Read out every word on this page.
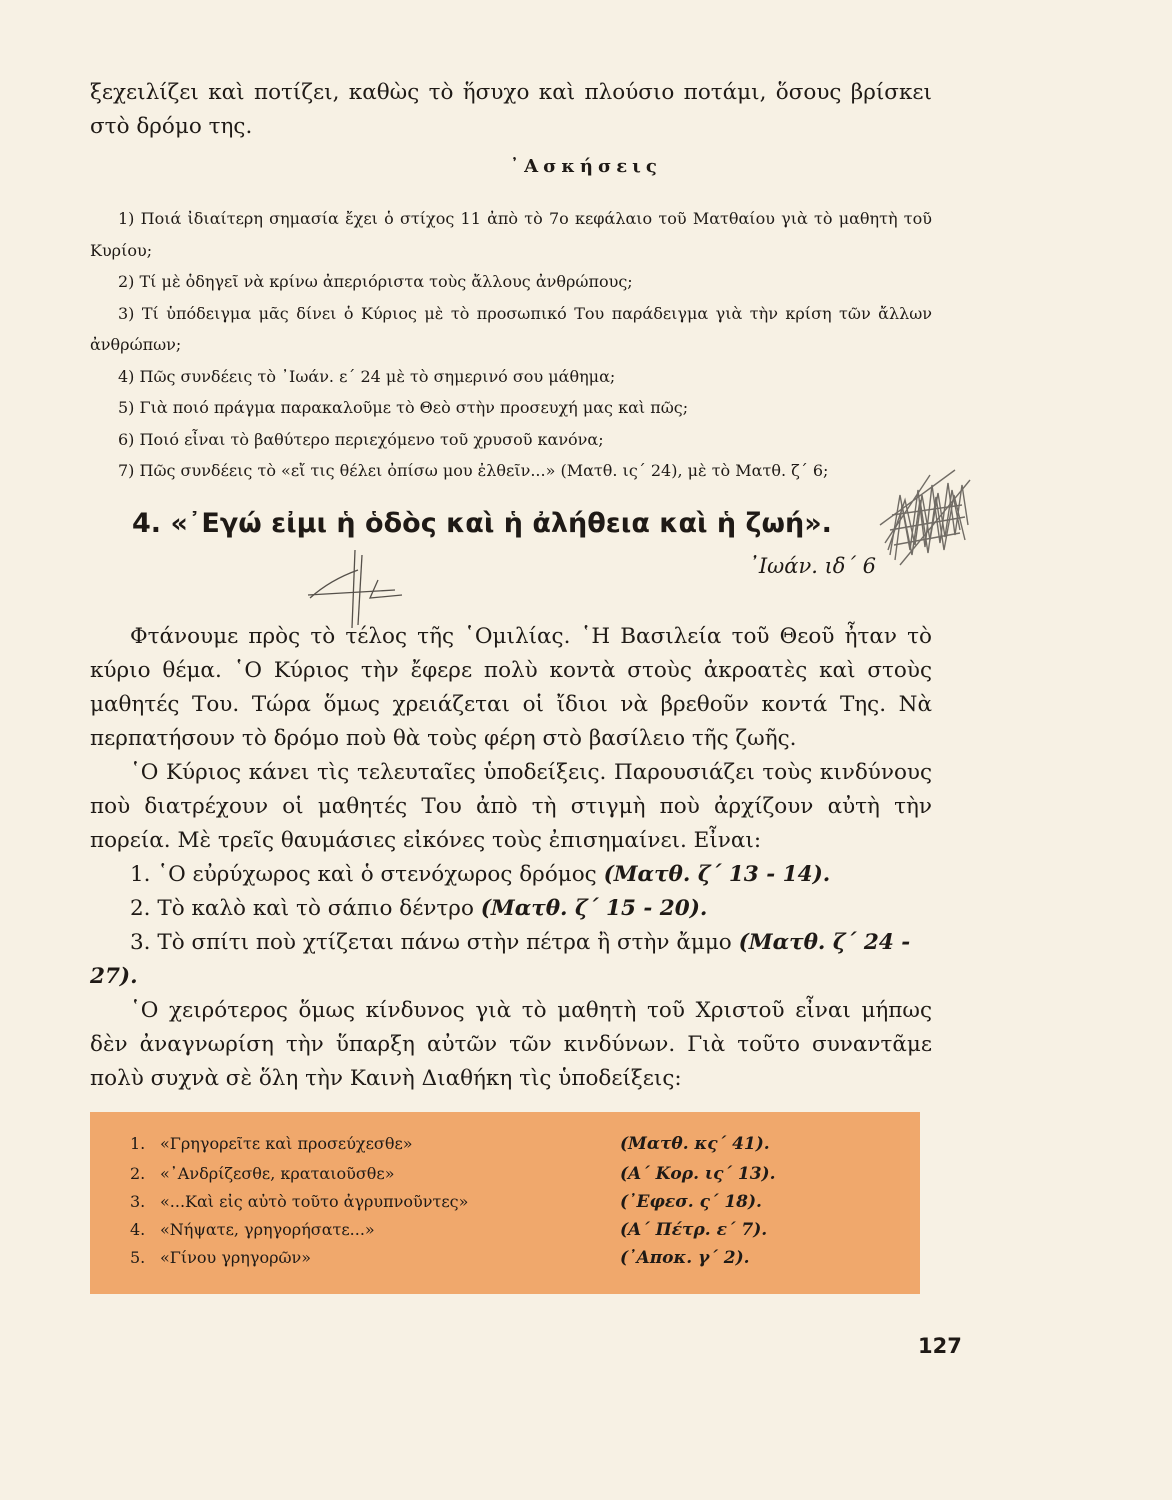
ξεχειλίζει καὶ ποτίζει, καθὼς τὸ ἥσυχο καὶ πλούσιο ποτάμι, ὅσους βρίσκει στὸ δρόμο της.

᾿Ασκήσεις
1) Ποιά ἰδιαίτερη σημασία ἔχει ὁ στίχος 11 ἀπὸ τὸ 7ο κεφάλαιο τοῦ Ματθαίου γιὰ τὸ μαθητὴ τοῦ Κυρίου;
2) Τί μὲ ὁδηγεῖ νὰ κρίνω ἀπεριόριστα τοὺς ἄλλους ἀνθρώπους;
3) Τί ὑπόδειγμα μᾶς δίνει ὁ Κύριος μὲ τὸ προσωπικό Του παράδειγμα γιὰ τὴν κρίση τῶν ἄλλων ἀνθρώπων;
4) Πῶς συνδέεις τὸ ᾿Ιωάν. ε΄ 24 μὲ τὸ σημερινό σου μάθημα;
5) Γιὰ ποιό πράγμα παρακαλοῦμε τὸ Θεὸ στὴν προσευχή μας καὶ πῶς;
6) Ποιό εἶναι τὸ βαθύτερο περιεχόμενο τοῦ χρυσοῦ κανόνα;
7) Πῶς συνδέεις τὸ «εἴ τις θέλει ὀπίσω μου ἐλθεῖν...» (Ματθ. ις΄ 24), μὲ τὸ Ματθ. ζ΄ 6;
4. «᾿Εγώ εἰμι ἡ ὁδὸς καὶ ἡ ἀλήθεια καὶ ἡ ζωή».
᾿Ιωάν. ιδ΄ 6

Φτάνουμε πρὸς τὸ τέλος τῆς ῾Ομιλίας. ῾Η Βασιλεία τοῦ Θεοῦ ἦταν τὸ κύριο θέμα. ῾Ο Κύριος τὴν ἔφερε πολὺ κοντὰ στοὺς ἀκροατὲς καὶ στοὺς μαθητές Του. Τώρα ὅμως χρειάζεται οἱ ἴδιοι νὰ βρεθοῦν κοντά Της. Νὰ περπατήσουν τὸ δρόμο ποὺ θὰ τοὺς φέρη στὸ βασίλειο τῆς ζωῆς.

῾Ο Κύριος κάνει τὶς τελευταῖες ὑποδείξεις. Παρουσιάζει τοὺς κινδύνους ποὺ διατρέχουν οἱ μαθητές Του ἀπὸ τὴ στιγμὴ ποὺ ἀρχίζουν αὐτὴ τὴν πορεία. Μὲ τρεῖς θαυμάσιες εἰκόνες τοὺς ἐπισημαίνει. Εἶναι:

1. ῾Ο εὐρύχωρος καὶ ὁ στενόχωρος δρόμος (Ματθ. ζ΄ 13 - 14).
2. Τὸ καλὸ καὶ τὸ σάπιο δέντρο (Ματθ. ζ΄ 15 - 20).
3. Τὸ σπίτι ποὺ χτίζεται πάνω στὴν πέτρα ἢ στὴν ἄμμο (Ματθ. ζ΄ 24 - 27).

῾Ο χειρότερος ὅμως κίνδυνος γιὰ τὸ μαθητὴ τοῦ Χριστοῦ εἶναι μήπως δὲν ἀναγνωρίση τὴν ὕπαρξη αὐτῶν τῶν κινδύνων. Γιὰ τοῦτο συναντᾶμε πολὺ συχνὰ σὲ ὅλη τὴν Καινὴ Διαθήκη τὶς ὑποδείξεις:

1. «Γρηγορεῖτε καὶ προσεύχεσθε»	(Ματθ. κς΄ 41).
2. «᾿Ανδρίζεσθε, κραταιοῦσθε»	(Α΄ Κορ. ις΄ 13).
3. «...Καὶ εἰς αὐτὸ τοῦτο ἀγρυπνοῦντες»	(᾿Εφεσ. ς΄ 18).
4. «Νήψατε, γρηγορήσατε...»	(Α΄ Πέτρ. ε΄ 7).
5. «Γίνου γρηγορῶν»	(᾿Αποκ. γ΄ 2).
127
